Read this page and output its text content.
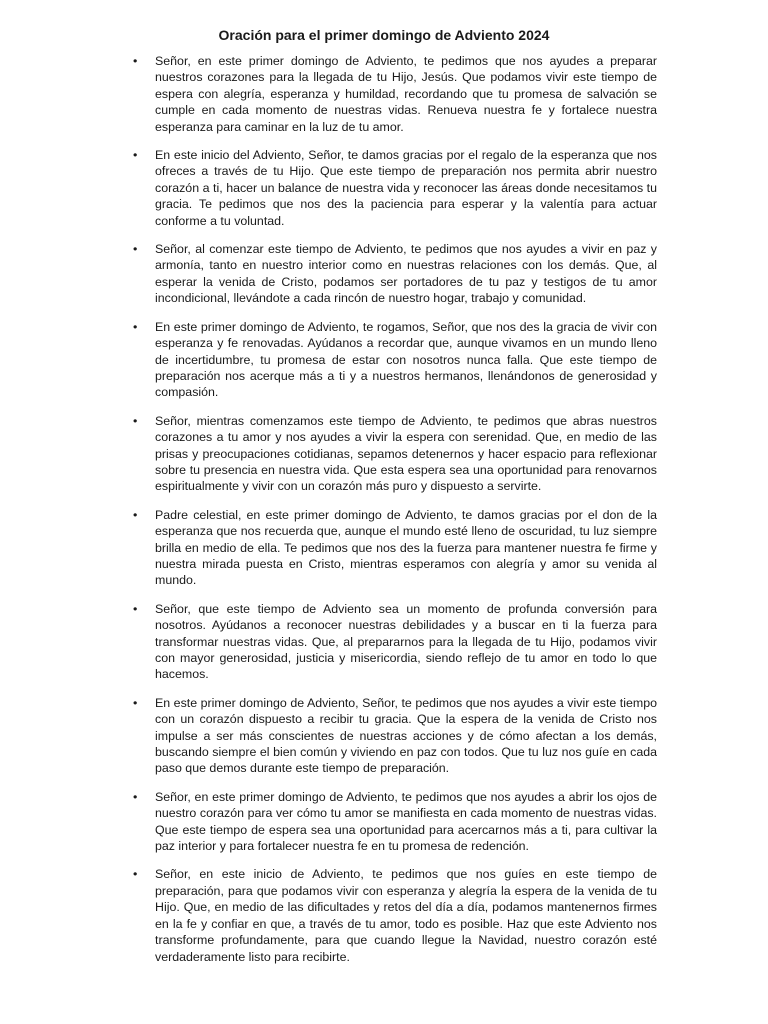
Oración para el primer domingo de Adviento 2024
• Señor, en este primer domingo de Adviento, te pedimos que nos ayudes a preparar nuestros corazones para la llegada de tu Hijo, Jesús. Que podamos vivir este tiempo de espera con alegría, esperanza y humildad, recordando que tu promesa de salvación se cumple en cada momento de nuestras vidas. Renueva nuestra fe y fortalece nuestra esperanza para caminar en la luz de tu amor.
• En este inicio del Adviento, Señor, te damos gracias por el regalo de la esperanza que nos ofreces a través de tu Hijo. Que este tiempo de preparación nos permita abrir nuestro corazón a ti, hacer un balance de nuestra vida y reconocer las áreas donde necesitamos tu gracia. Te pedimos que nos des la paciencia para esperar y la valentía para actuar conforme a tu voluntad.
• Señor, al comenzar este tiempo de Adviento, te pedimos que nos ayudes a vivir en paz y armonía, tanto en nuestro interior como en nuestras relaciones con los demás. Que, al esperar la venida de Cristo, podamos ser portadores de tu paz y testigos de tu amor incondicional, llevándote a cada rincón de nuestro hogar, trabajo y comunidad.
• En este primer domingo de Adviento, te rogamos, Señor, que nos des la gracia de vivir con esperanza y fe renovadas. Ayúdanos a recordar que, aunque vivamos en un mundo lleno de incertidumbre, tu promesa de estar con nosotros nunca falla. Que este tiempo de preparación nos acerque más a ti y a nuestros hermanos, llenándonos de generosidad y compasión.
• Señor, mientras comenzamos este tiempo de Adviento, te pedimos que abras nuestros corazones a tu amor y nos ayudes a vivir la espera con serenidad. Que, en medio de las prisas y preocupaciones cotidianas, sepamos detenernos y hacer espacio para reflexionar sobre tu presencia en nuestra vida. Que esta espera sea una oportunidad para renovarnos espiritualmente y vivir con un corazón más puro y dispuesto a servirte.
• Padre celestial, en este primer domingo de Adviento, te damos gracias por el don de la esperanza que nos recuerda que, aunque el mundo esté lleno de oscuridad, tu luz siempre brilla en medio de ella. Te pedimos que nos des la fuerza para mantener nuestra fe firme y nuestra mirada puesta en Cristo, mientras esperamos con alegría y amor su venida al mundo.
• Señor, que este tiempo de Adviento sea un momento de profunda conversión para nosotros. Ayúdanos a reconocer nuestras debilidades y a buscar en ti la fuerza para transformar nuestras vidas. Que, al prepararnos para la llegada de tu Hijo, podamos vivir con mayor generosidad, justicia y misericordia, siendo reflejo de tu amor en todo lo que hacemos.
• En este primer domingo de Adviento, Señor, te pedimos que nos ayudes a vivir este tiempo con un corazón dispuesto a recibir tu gracia. Que la espera de la venida de Cristo nos impulse a ser más conscientes de nuestras acciones y de cómo afectan a los demás, buscando siempre el bien común y viviendo en paz con todos. Que tu luz nos guíe en cada paso que demos durante este tiempo de preparación.
• Señor, en este primer domingo de Adviento, te pedimos que nos ayudes a abrir los ojos de nuestro corazón para ver cómo tu amor se manifiesta en cada momento de nuestras vidas. Que este tiempo de espera sea una oportunidad para acercarnos más a ti, para cultivar la paz interior y para fortalecer nuestra fe en tu promesa de redención.
• Señor, en este inicio de Adviento, te pedimos que nos guíes en este tiempo de preparación, para que podamos vivir con esperanza y alegría la espera de la venida de tu Hijo. Que, en medio de las dificultades y retos del día a día, podamos mantenernos firmes en la fe y confiar en que, a través de tu amor, todo es posible. Haz que este Adviento nos transforme profundamente, para que cuando llegue la Navidad, nuestro corazón esté verdaderamente listo para recibirte.
